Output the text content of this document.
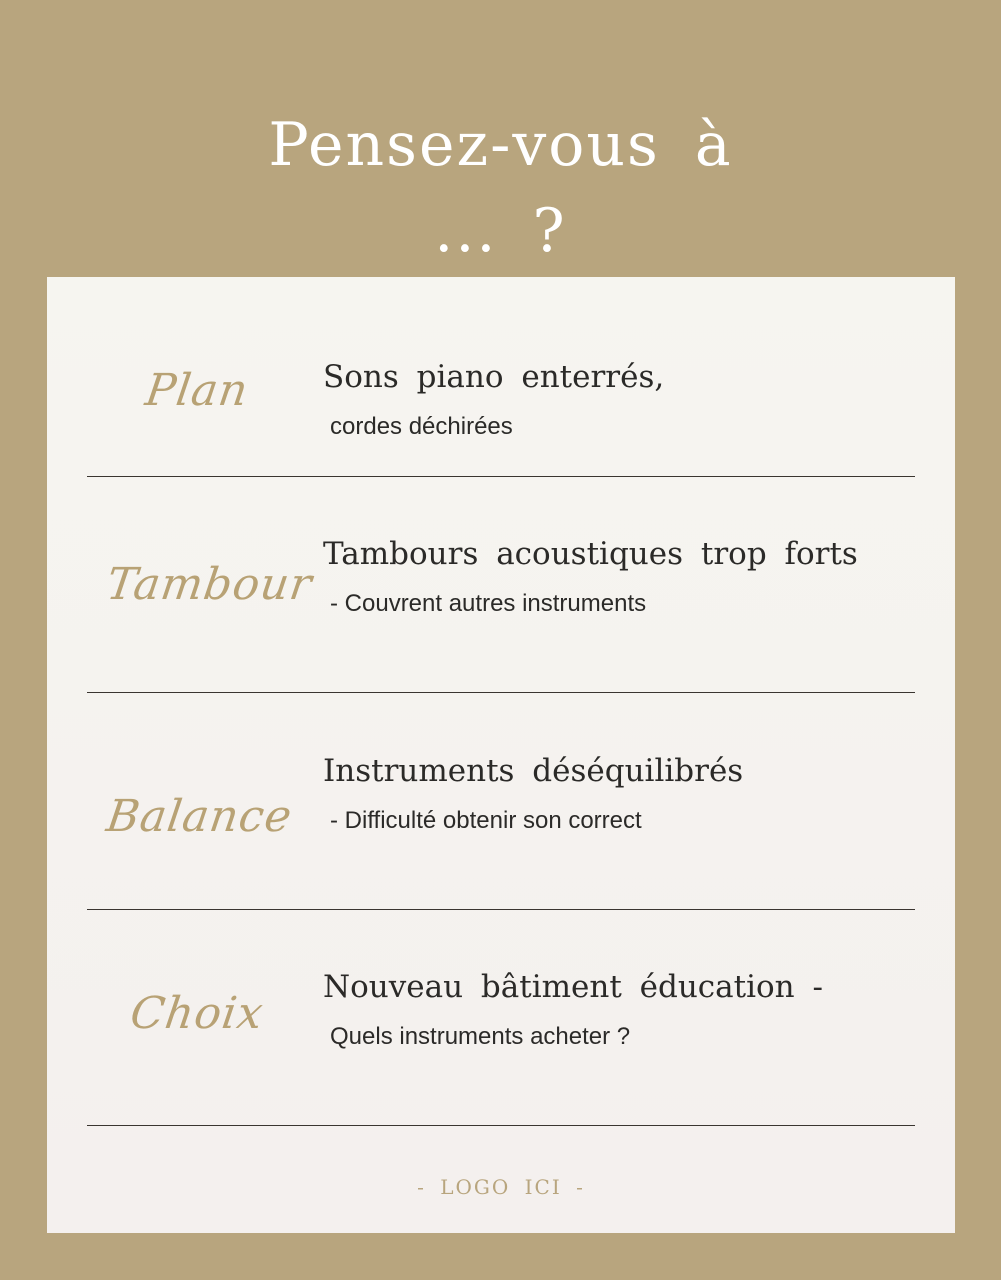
Pensez-vous à
... ?
Plan	Sons piano enterrés,
cordes déchirées
Tambour
Tambours acoustiques trop forts
- Couvrent autres instruments
Balance
Instruments déséquilibrés
- Difficulté obtenir son correct
Choix
Nouveau bâtiment éducation -
Quels instruments acheter ?
- LOGO ICI -
